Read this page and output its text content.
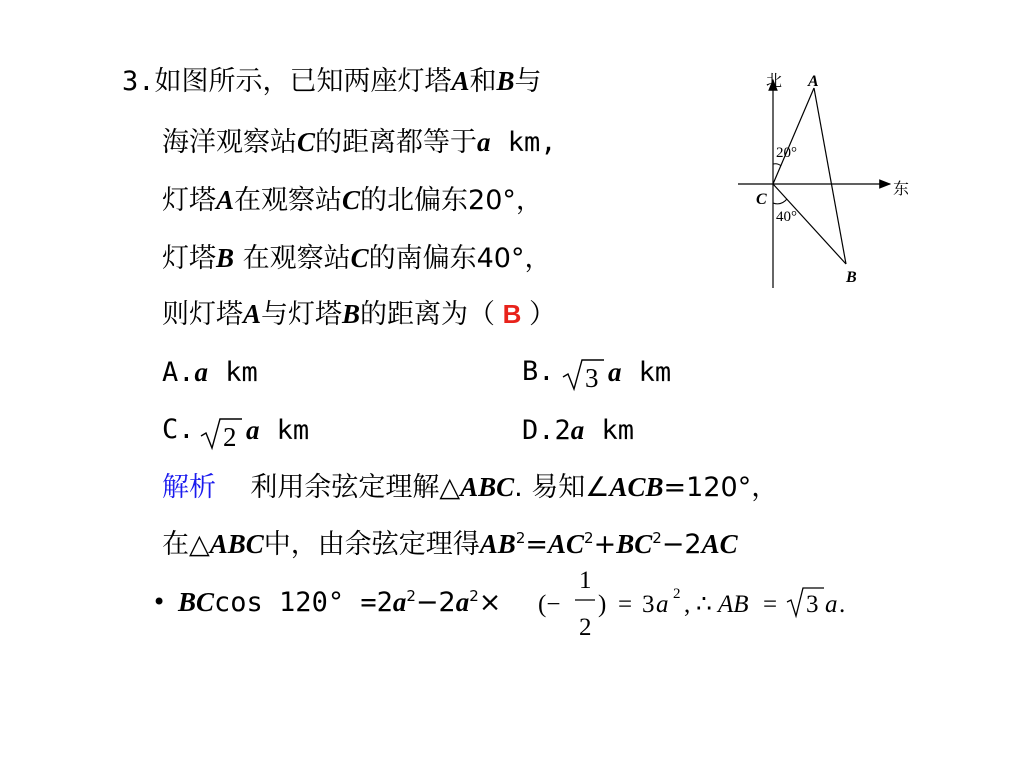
3.如图所示，已知两座灯塔A和B与
海洋观察站C的距离都等于a km,
灯塔A在观察站C的北偏东20°，
灯塔B 在观察站C的南偏东40°，
则灯塔A与灯塔B的距离为（ B ）
A.a km	B. 3 a km
C. 2 a km	D.2a km
解析 利用余弦定理解△ABC. 易知∠ACB=120°，
在△ABC中，由余弦定理得$AB^2=AC^2+BC^2-2AC$
• BCcos $120^\circ =2a^2-2a^2\times$ (−
1
2
) = 3 a 2 , ∴ AB = 3 a .
北
东
A
B
C
20°
40°
